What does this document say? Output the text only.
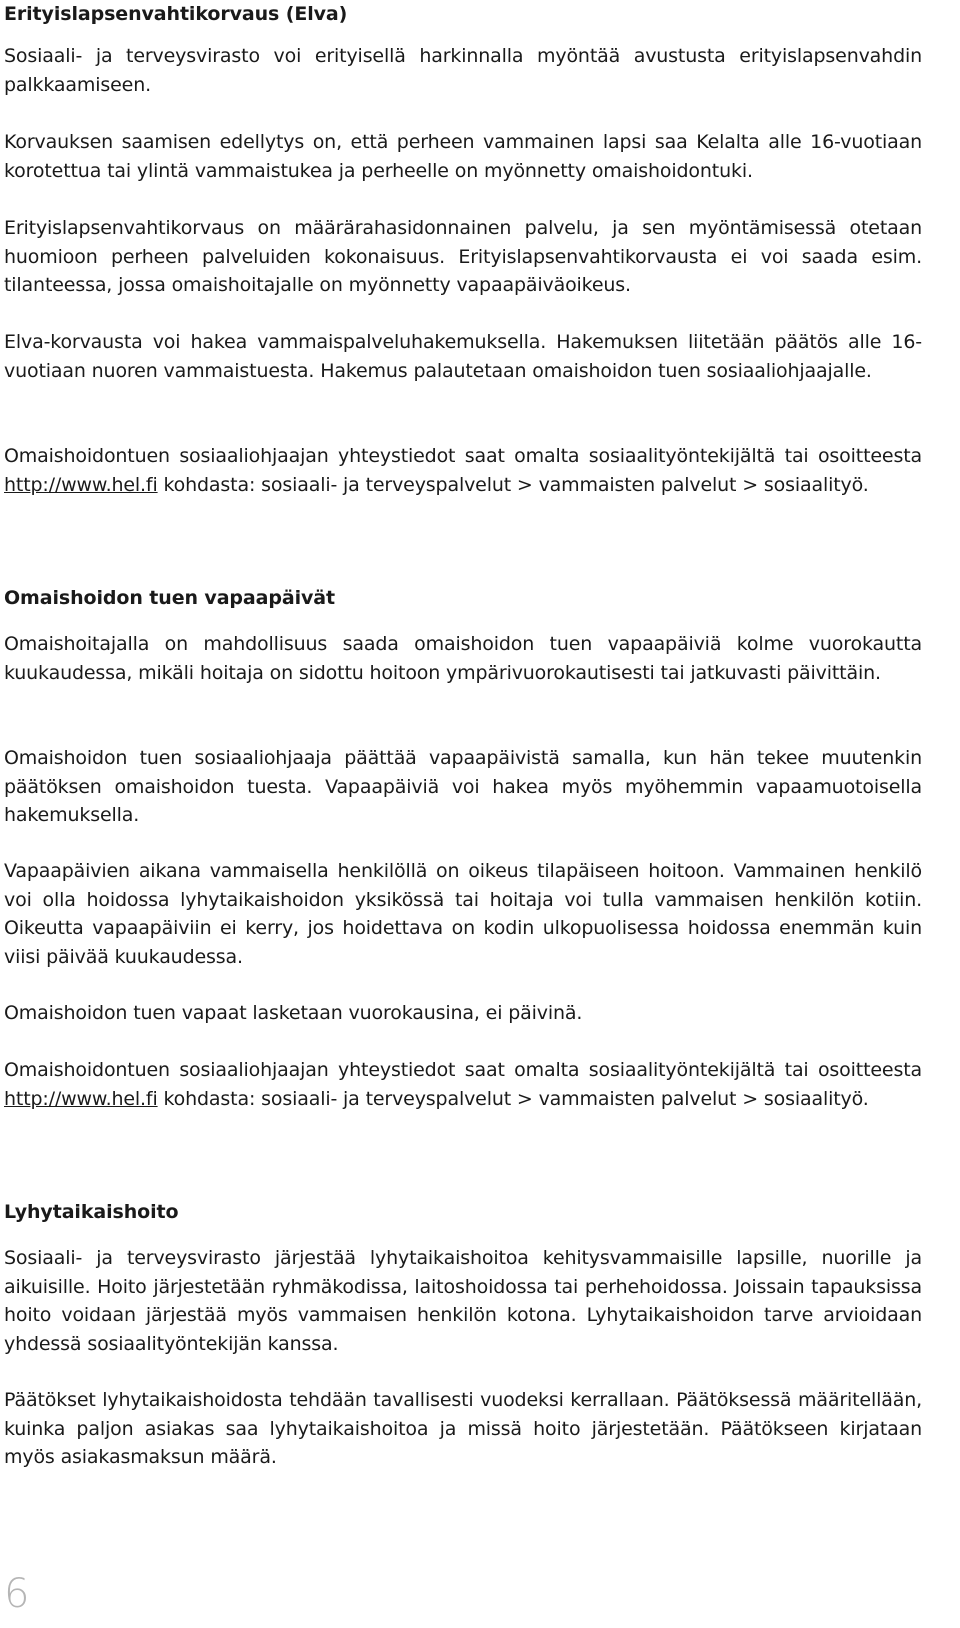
Erityislapsenvahtikorvaus (Elva)

Sosiaali- ja terveysvirasto voi erityisellä harkinnalla myöntää avustusta erityislapsenvahdin palkkaamiseen.

Korvauksen saamisen edellytys on, että perheen vammainen lapsi saa Kelalta alle 16-vuotiaan korotettua tai ylintä vammaistukea ja perheelle on myönnetty omaishoidontuki.

Erityislapsenvahtikorvaus on määrärahasidonnainen palvelu, ja sen myöntämisessä otetaan huomioon perheen palveluiden kokonaisuus. Erityislapsenvahtikorvausta ei voi saada esim. tilanteessa, jossa omaishoitajalle on myönnetty vapaapäiväoikeus.

Elva-korvausta voi hakea vammaispalveluhakemuksella. Hakemuksen liitetään päätös alle 16-vuotiaan nuoren vammaistuesta. Hakemus palautetaan omaishoidon tuen sosiaaliohjaajalle.

Omaishoidontuen sosiaaliohjaajan yhteystiedot saat omalta sosiaalityöntekijältä tai osoitteesta http://www.hel.fi kohdasta: sosiaali- ja terveyspalvelut > vammaisten palvelut > sosiaalityö.

Omaishoidon tuen vapaapäivät

Omaishoitajalla on mahdollisuus saada omaishoidon tuen vapaapäiviä kolme vuorokautta kuukaudessa, mikäli hoitaja on sidottu hoitoon ympärivuorokautisesti tai jatkuvasti päivittäin.

Omaishoidon tuen sosiaaliohjaaja päättää vapaapäivistä samalla, kun hän tekee muutenkin päätöksen omaishoidon tuesta. Vapaapäiviä voi hakea myös myöhemmin vapaamuotoisella hakemuksella.

Vapaapäivien aikana vammaisella henkilöllä on oikeus tilapäiseen hoitoon. Vammainen henkilö voi olla hoidossa lyhytaikaishoidon yksikössä tai hoitaja voi tulla vammaisen henkilön kotiin. Oikeutta vapaapäiviin ei kerry, jos hoidettava on kodin ulkopuolisessa hoidossa enemmän kuin viisi päivää kuukaudessa.

Omaishoidon tuen vapaat lasketaan vuorokausina, ei päivinä.

Omaishoidontuen sosiaaliohjaajan yhteystiedot saat omalta sosiaalityöntekijältä tai osoitteesta http://www.hel.fi kohdasta: sosiaali- ja terveyspalvelut > vammaisten palvelut > sosiaalityö.

Lyhytaikaishoito

Sosiaali- ja terveysvirasto järjestää lyhytaikaishoitoa kehitysvammaisille lapsille, nuorille ja aikuisille. Hoito järjestetään ryhmäkodissa, laitoshoidossa tai perhehoidossa. Joissain tapauksissa hoito voidaan järjestää myös vammaisen henkilön kotona. Lyhytaikaishoidon tarve arvioidaan yhdessä sosiaalityöntekijän kanssa.

Päätökset lyhytaikaishoidosta tehdään tavallisesti vuodeksi kerrallaan. Päätöksessä määritellään, kuinka paljon asiakas saa lyhytaikaishoitoa ja missä hoito järjestetään. Päätökseen kirjataan myös asiakasmaksun määrä.

6
